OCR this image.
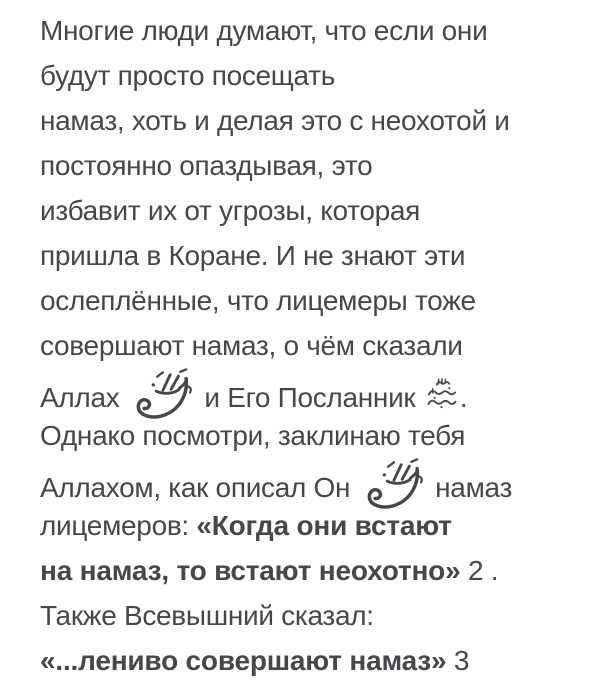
Многие люди думают, что если они
будут просто посещать
намаз, хоть и делая это с неохотой и
постоянно опаздывая, это
избавит их от угрозы, которая
пришла в Коране. И не знают эти
ослеплённые, что лицемеры тоже
совершают намаз, о чём сказали
Аллах	и Его Посланник .
Однако посмотри, заклинаю тебя
Аллахом, как описал Он	намаз
лицемеров: «Когда они встают
на намаз, то встают неохотно» 2 .
Также Всевышний сказал:
«...лениво совершают намаз» 3
